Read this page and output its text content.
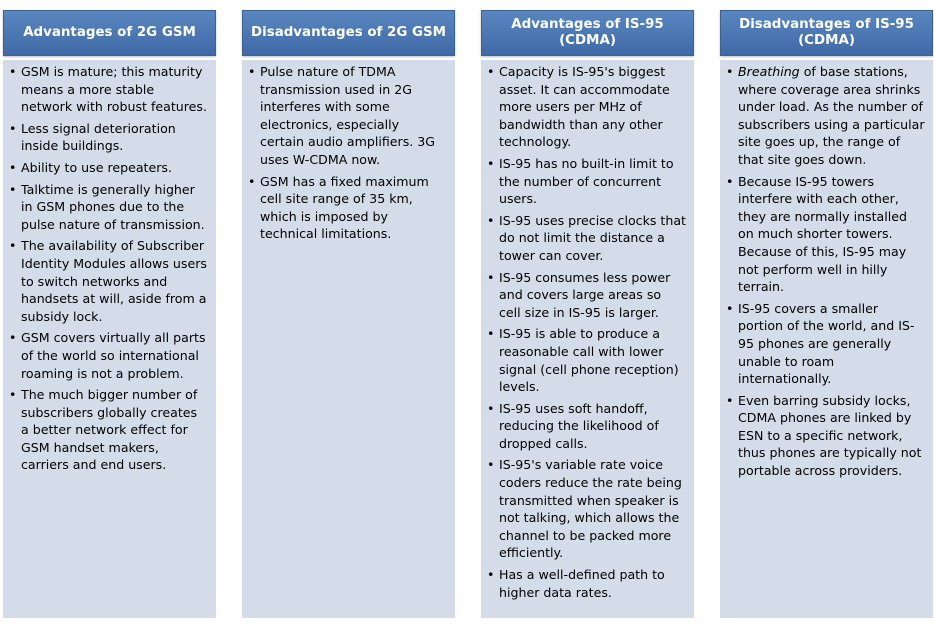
Advantages of 2G GSM
• GSM is mature; this maturity means a more stable network with robust features.
• Less signal deterioration inside buildings.
• Ability to use repeaters.
• Talktime is generally higher in GSM phones due to the pulse nature of transmission.
• The availability of Subscriber Identity Modules allows users to switch networks and handsets at will, aside from a subsidy lock.
• GSM covers virtually all parts of the world so international roaming is not a problem.
• The much bigger number of subscribers globally creates a better network effect for GSM handset makers, carriers and end users.
Disadvantages of 2G GSM
• Pulse nature of TDMA transmission used in 2G interferes with some electronics, especially certain audio amplifiers. 3G uses W-CDMA now.
• GSM has a fixed maximum cell site range of 35 km, which is imposed by technical limitations.
Advantages of IS-95 (CDMA)
• Capacity is IS-95's biggest asset. It can accommodate more users per MHz of bandwidth than any other technology.
• IS-95 has no built-in limit to the number of concurrent users.
• IS-95 uses precise clocks that do not limit the distance a tower can cover.
• IS-95 consumes less power and covers large areas so cell size in IS-95 is larger.
• IS-95 is able to produce a reasonable call with lower signal (cell phone reception) levels.
• IS-95 uses soft handoff, reducing the likelihood of dropped calls.
• IS-95's variable rate voice coders reduce the rate being transmitted when speaker is not talking, which allows the channel to be packed more efficiently.
• Has a well-defined path to higher data rates.
Disadvantages of IS-95 (CDMA)
• Breathing of base stations, where coverage area shrinks under load. As the number of subscribers using a particular site goes up, the range of that site goes down.
• Because IS-95 towers interfere with each other, they are normally installed on much shorter towers. Because of this, IS-95 may not perform well in hilly terrain.
• IS-95 covers a smaller portion of the world, and IS-95 phones are generally unable to roam internationally.
• Even barring subsidy locks, CDMA phones are linked by ESN to a specific network, thus phones are typically not portable across providers.
